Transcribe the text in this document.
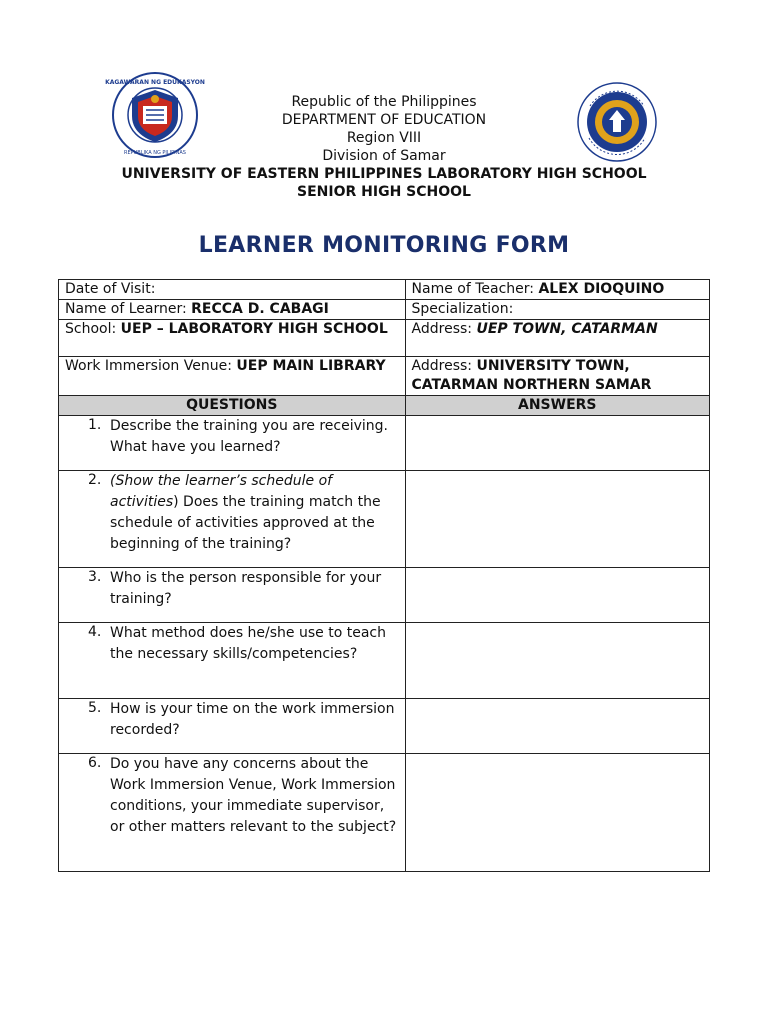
KAGAWARAN NG EDUKASYON
REPUBLIKA NG PILIPINAS
Republic of the Philippines
DEPARTMENT OF EDUCATION
Region VIII
Division of Samar
UNIVERSITY OF EASTERN PHILIPPINES LABORATORY HIGH SCHOOL
SENIOR HIGH SCHOOL
LEARNER MONITORING FORM
Date of Visit:	Name of Teacher: ALEX DIOQUINO
Name of Learner: RECCA D. CABAGI	Specialization:
School: UEP – LABORATORY HIGH SCHOOL	Address: UEP TOWN, CATARMAN
Work Immersion Venue: UEP MAIN LIBRARY	Address: UNIVERSITY TOWN, CATARMAN NORTHERN SAMAR
QUESTIONS	ANSWERS

1. Describe the training you are receiving. What have you learned?	

2. (Show the learner’s schedule of activities) Does the training match the schedule of activities approved at the beginning of the training?	

3. Who is the person responsible for your training?	

4. What method does he/she use to teach the necessary skills/competencies?	

5. How is your time on the work immersion recorded?	

6. Do you have any concerns about the Work Immersion Venue, Work Immersion conditions, your immediate supervisor, or other matters relevant to the subject?	
